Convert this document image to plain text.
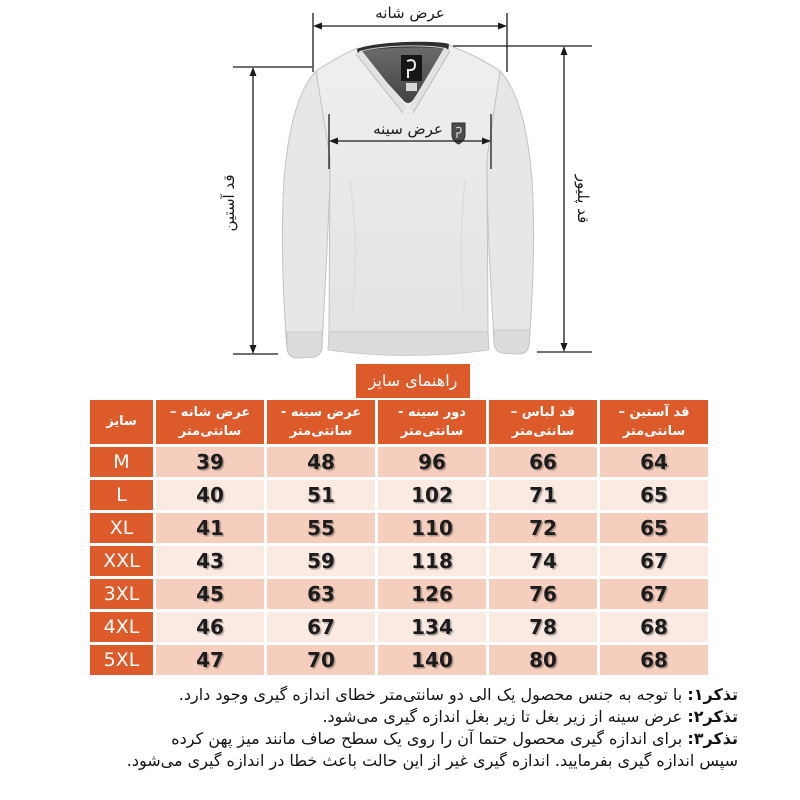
عرض شانه
عرض سینه
قد آستین	قد پلیور
راهنمای سایز
سایز
عرض شانه –
سانتی‌متر
عرض سینه -
سانتی‌متر
دور سینه -
سانتی‌متر
قد لباس –
سانتی‌متر
قد آستین –
سانتی‌متر
M	39	48	96	66	64
L	40	51	102	71	65
XL	41	55	110	72	65
XXL	43	59	118	74	67
3XL	45	63	126	76	67
4XL	46	67	134	78	68
5XL	47	70	140	80	68
تذکر۱: با توجه به جنس محصول یک الی دو سانتی‌متر خطای اندازه گیری وجود دارد.
تذکر۲: عرض سینه از زیر بغل تا زیر بغل اندازه گیری می‌شود.
تذکر۳: برای اندازه گیری محصول حتما آن را روی یک سطح صاف مانند میز پهن کرده
سپس اندازه گیری بفرمایید. اندازه گیری غیر از این حالت باعث خطا در اندازه گیری می‌شود.
